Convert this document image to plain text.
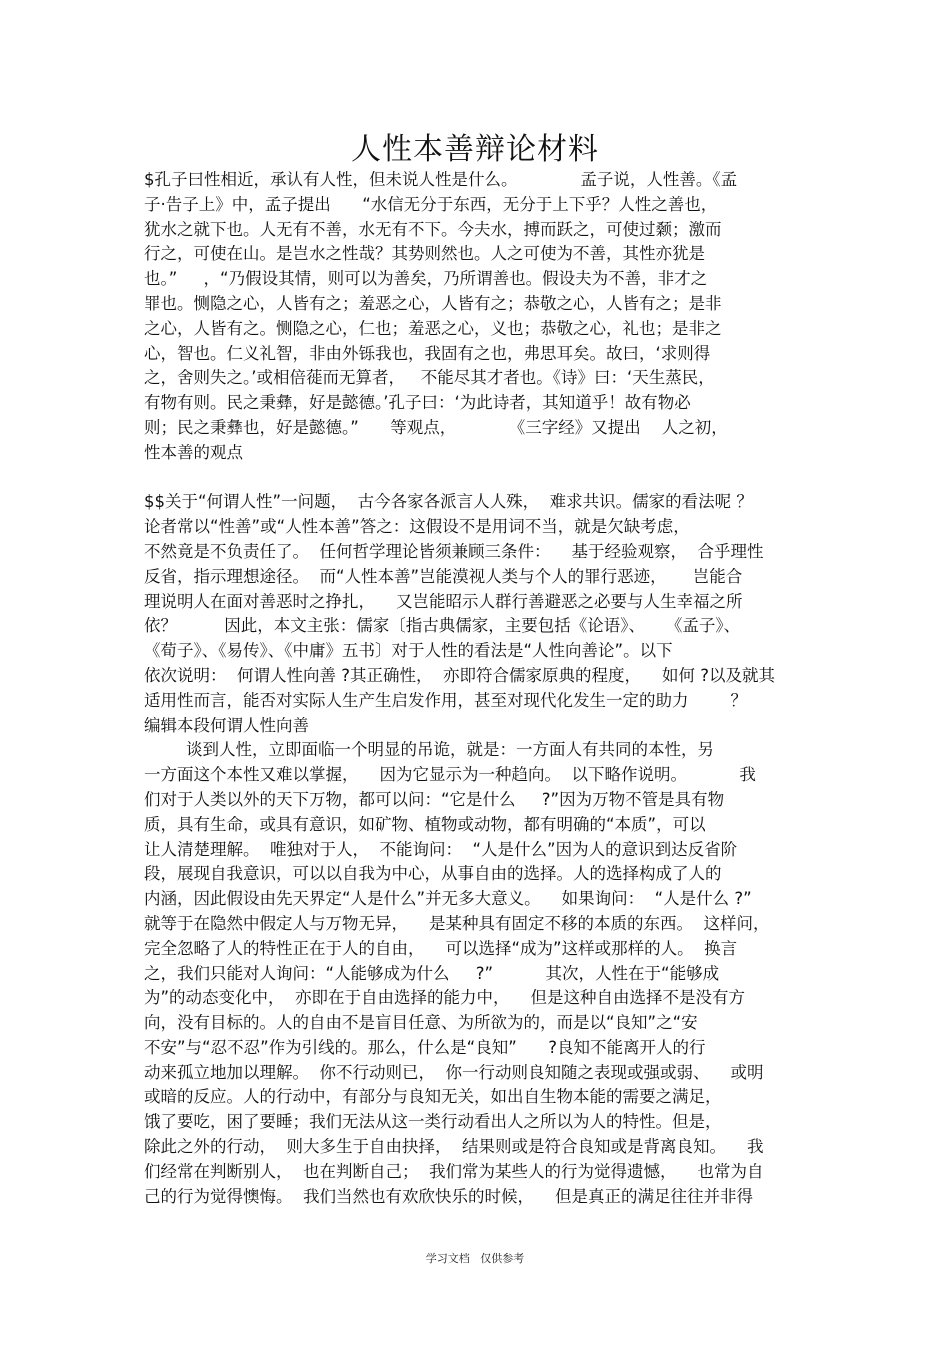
人性本善辩论材料
$孔子曰性相近，承认有人性，但未说人性是什么。            孟子说，人性善。《孟
子·告子上》中，孟子提出      “水信无分于东西，无分于上下乎？人性之善也，
犹水之就下也。人无有不善，水无有不下。今夫水，搏而跃之，可使过颡；激而
行之，可使在山。是岂水之性哉？其势则然也。人之可使为不善，其性亦犹是
也。”     ，“乃假设其情，则可以为善矣，乃所谓善也。假设夫为不善，非才之
罪也。恻隐之心，人皆有之；羞恶之心，人皆有之；恭敬之心，人皆有之；是非
之心，人皆有之。恻隐之心，仁也；羞恶之心，义也；恭敬之心，礼也；是非之
心，智也。仁义礼智，非由外铄我也，我固有之也，弗思耳矣。故曰，‘求则得
之，舍则失之。’或相倍蓰而无算者，   不能尽其才者也。《诗》曰：‘天生蒸民，
有物有则。民之秉彝，好是懿德。’孔子曰：‘为此诗者，其知道乎！故有物必
则；民之秉彝也，好是懿德。”      等观点，          《三字经》又提出    人之初，
性本善的观点
$$关于“何谓人性”一问题，  古今各家各派言人人殊，  难求共识。儒家的看法呢 ？
论者常以“性善”或“人性本善”答之：这假设不是用词不当，就是欠缺考虑，
不然竟是不负责任了。  任何哲学理论皆须兼顾三条件：    基于经验观察，  合乎理性
反省，指示理想途径。  而“人性本善”岂能漠视人类与个人的罪行恶迹，     岂能合
理说明人在面对善恶时之挣扎，    又岂能昭示人群行善避恶之必要与人生幸福之所
依？         因此，本文主张：儒家〔指古典儒家，主要包括《论语》、    《孟子》、
《荀子》、《易传》、《中庸》五书〕对于人性的看法是“人性向善论”。以下
依次说明：  何谓人性向善 ?其正确性，  亦即符合儒家原典的程度，    如何 ?以及就其
适用性而言，能否对实际人生产生启发作用，甚至对现代化发生一定的助力        ？
编辑本段何谓人性向善
谈到人性，立即面临一个明显的吊诡，就是：一方面人有共同的本性，另
一方面这个本性又难以掌握，    因为它显示为一种趋向。  以下略作说明。          我
们对于人类以外的天下万物，都可以问：“它是什么     ?”因为万物不管是具有物
质，具有生命，或具有意识，如矿物、植物或动物，都有明确的“本质”，可以
让人清楚理解。  唯独对于人，  不能询问：  “人是什么”因为人的意识到达反省阶
段，展现自我意识，可以以自我为中心，从事自由的选择。人的选择构成了人的
内涵，因此假设由先天界定“人是什么”并无多大意义。    如果询问：  “人是什么 ?”
就等于在隐然中假定人与万物无异，    是某种具有固定不移的本质的东西。  这样问，
完全忽略了人的特性正在于人的自由，    可以选择“成为”这样或那样的人。  换言
之，我们只能对人询问：“人能够成为什么     ?”          其次，人性在于“能够成
为”的动态变化中，  亦即在于自由选择的能力中，    但是这种自由选择不是没有方
向，没有目标的。人的自由不是盲目任意、为所欲为的，而是以“良知”之“安
不安”与“忍不忍”作为引线的。那么，什么是“良知”      ?良知不能离开人的行
动来孤立地加以理解。  你不行动则已，  你一行动则良知随之表现或强或弱、    或明
或暗的反应。人的行动中，有部分与良知无关，如出自生物本能的需要之满足，
饿了要吃，困了要睡；我们无法从这一类行动看出人之所以为人的特性。但是，
除此之外的行动，  则大多生于自由抉择，  结果则或是符合良知或是背离良知。    我
们经常在判断别人，  也在判断自己；  我们常为某些人的行为觉得遗憾，    也常为自
己的行为觉得懊悔。  我们当然也有欢欣快乐的时候，    但是真正的满足往往并非得
学习文档   仅供参考
